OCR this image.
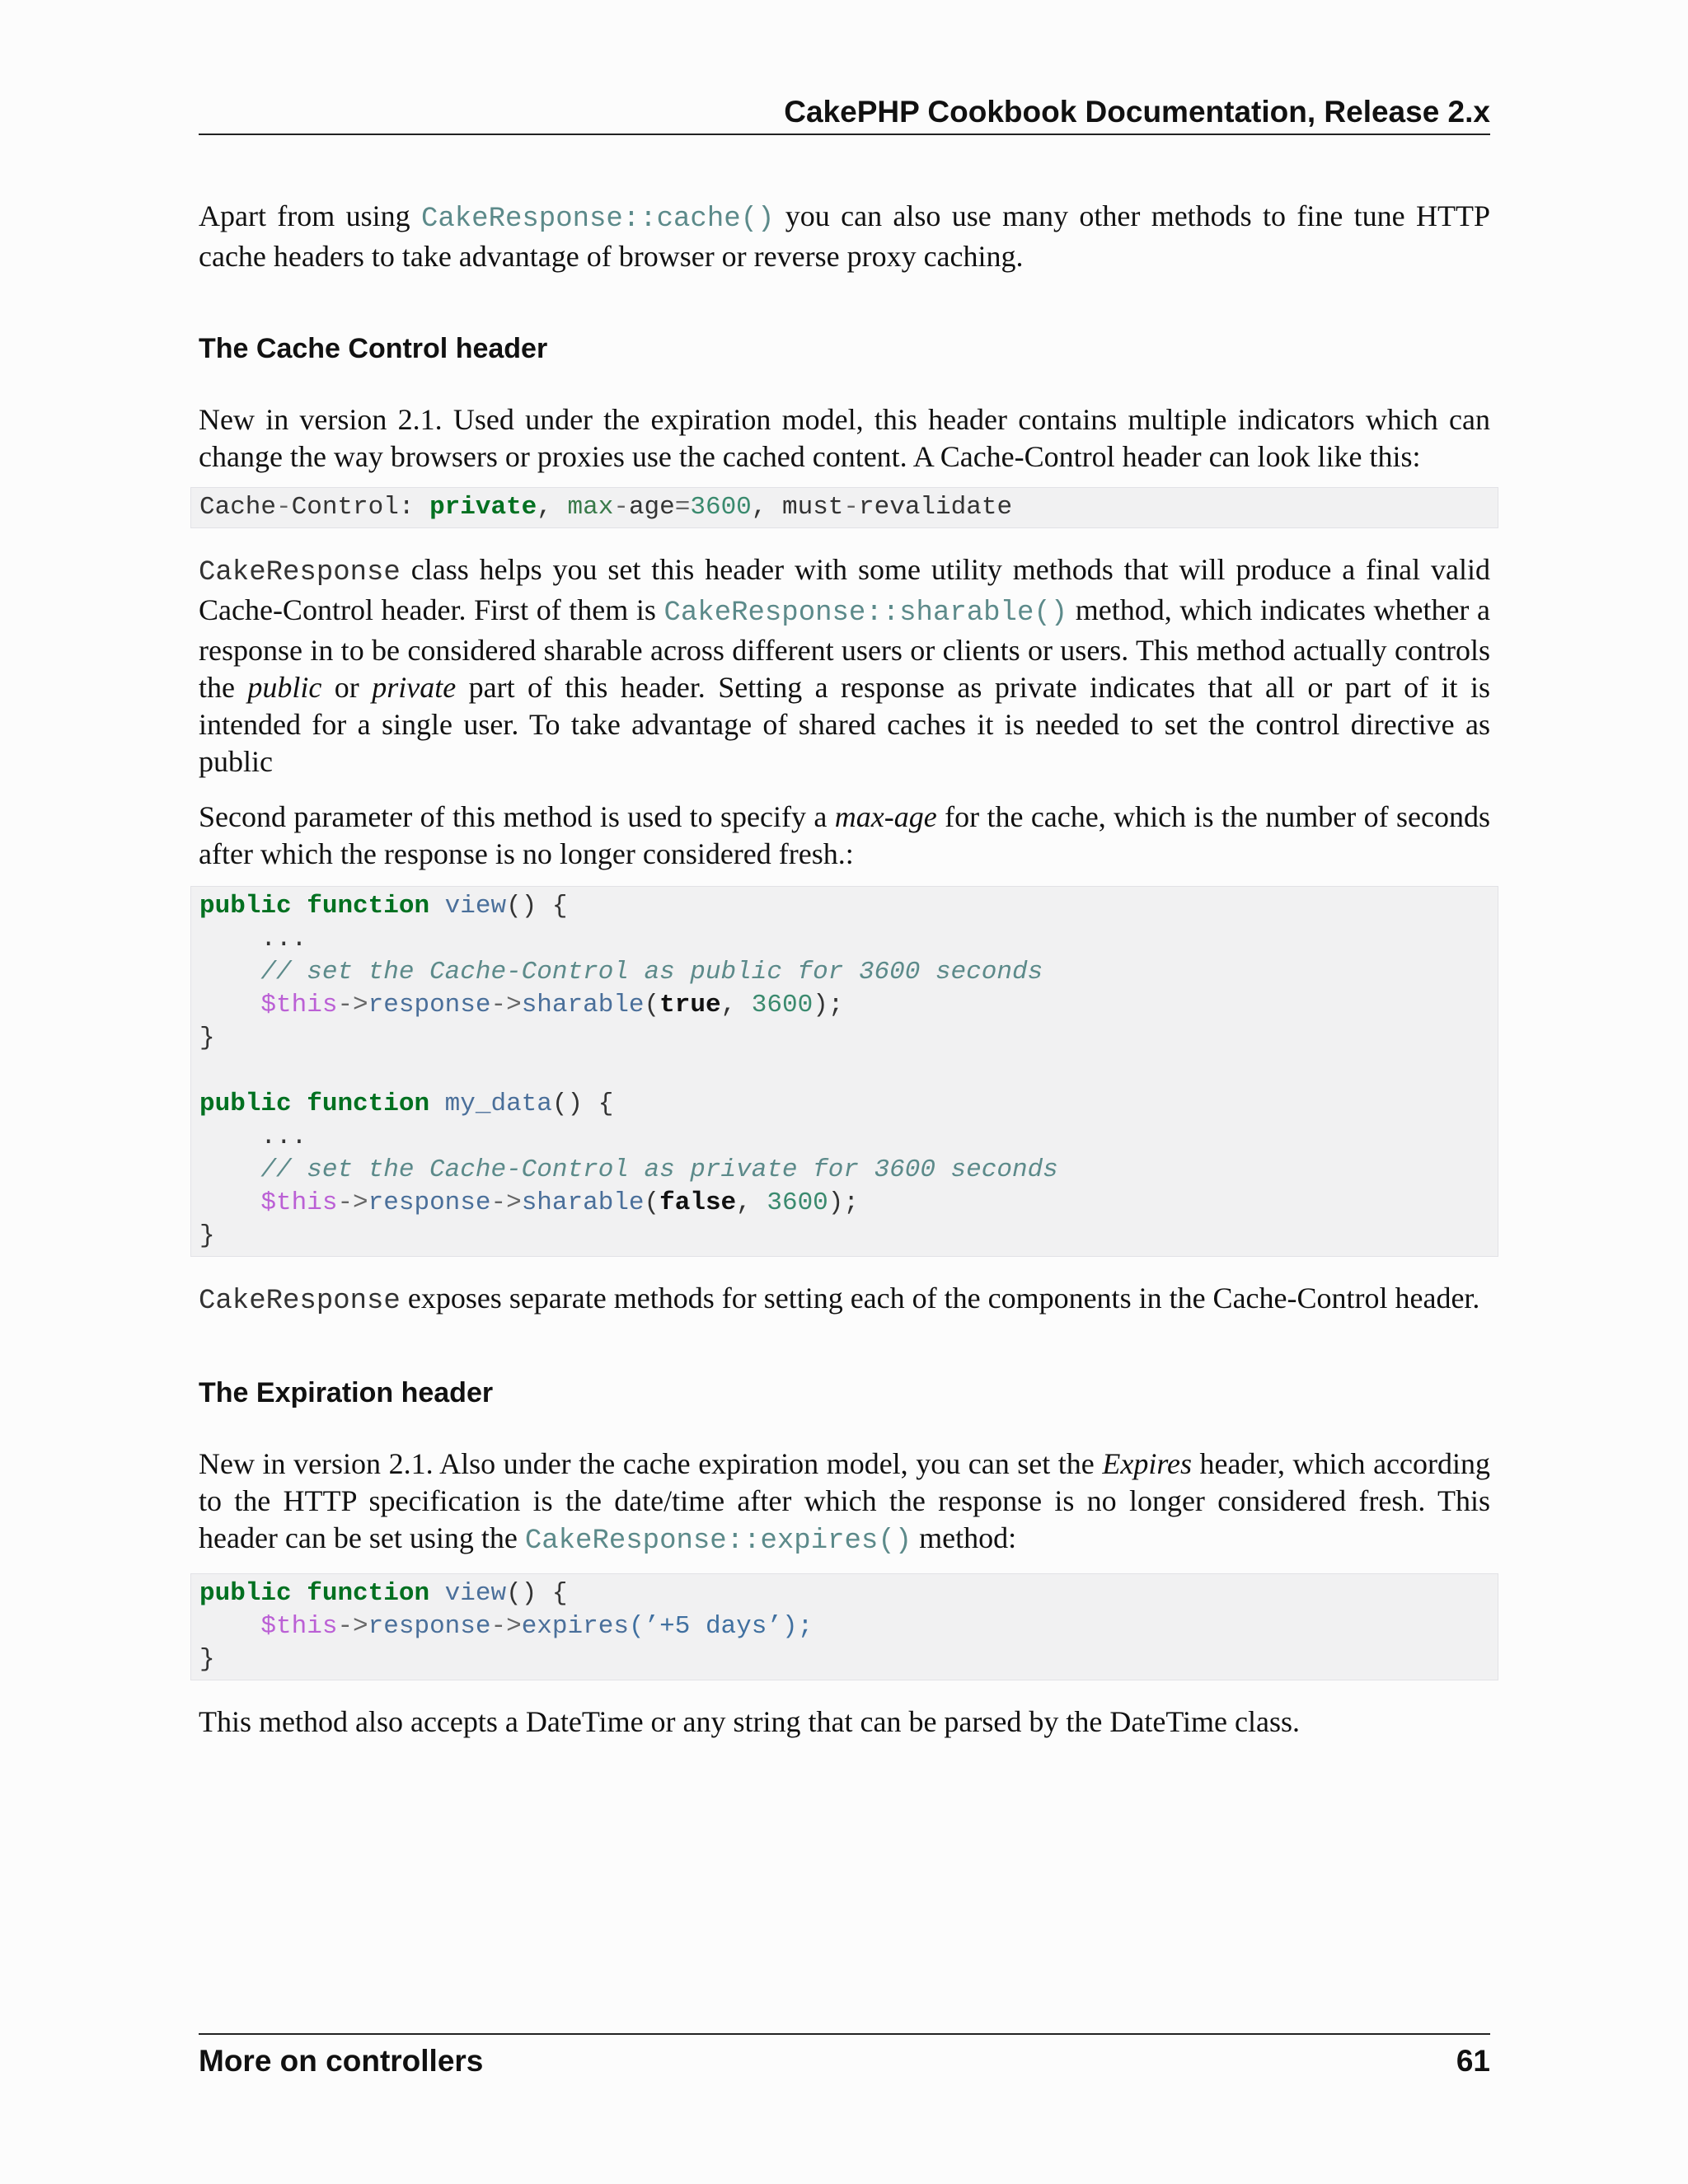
CakePHP Cookbook Documentation, Release 2.x

Apart from using CakeResponse::cache() you can also use many other methods to fine tune HTTP cache headers to take advantage of browser or reverse proxy caching.

The Cache Control header

New in version 2.1. Used under the expiration model, this header contains multiple indicators which can change the way browsers or proxies use the cached content. A Cache-Control header can look like this:

Cache-Control: private, max-age=3600, must-revalidate

CakeResponse class helps you set this header with some utility methods that will produce a final valid Cache-Control header. First of them is CakeResponse::sharable() method, which indicates whether a response in to be considered sharable across different users or clients or users. This method actually controls the public or private part of this header. Setting a response as private indicates that all or part of it is intended for a single user. To take advantage of shared caches it is needed to set the control directive as public

Second parameter of this method is used to specify a max-age for the cache, which is the number of seconds after which the response is no longer considered fresh.:

public function view() {
...
// set the Cache-Control as public for 3600 seconds
$this->response->sharable(true, 3600);
}

public function my_data() {
...
// set the Cache-Control as private for 3600 seconds
$this->response->sharable(false, 3600);
}

CakeResponse exposes separate methods for setting each of the components in the Cache-Control header.

The Expiration header

New in version 2.1. Also under the cache expiration model, you can set the Expires header, which according to the HTTP specification is the date/time after which the response is no longer considered fresh. This header can be set using the CakeResponse::expires() method:

public function view() {
$this->response->expires(’+5 days’);
}

This method also accepts a DateTime or any string that can be parsed by the DateTime class.

More on controllers	61
